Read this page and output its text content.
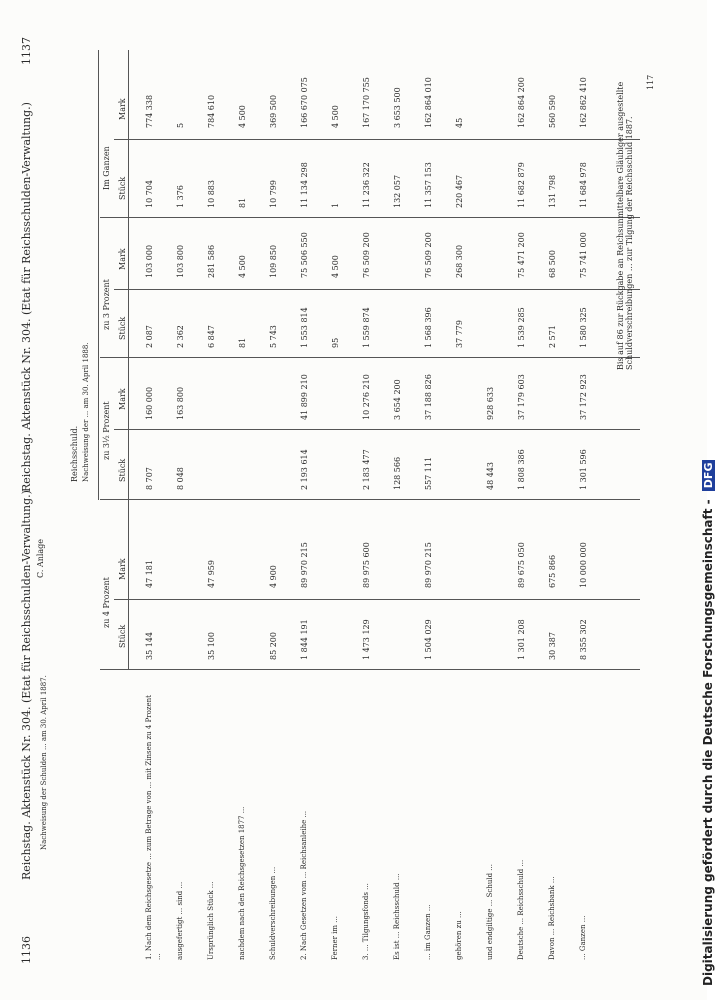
1136
Reichstag. Aktenstück Nr. 304. (Etat für Reichsschulden-Verwaltung.) C. Anlage
Nachweisung der Schulden ... am 30. April 1887.
Reichstag. Aktenstück Nr. 304. (Etat für Reichsschulden-Verwaltung.)
1137
Reichsschuld. Nachweisung der ... am 30. April 1888.
zu 4 Prozent
zu 3½ Prozent
zu 3 Prozent
Im Ganzen
Stück
Mark
Stück
Mark
Stück
Mark
Stück
Mark
1. Nach dem Reichsgesetze ... zum Betrage von ... mit Zinsen zu 4 Prozent ...
35 144
47 181
8 707
160 000
2 087
103 000
10 704
774 338
ausgefertigt ... sind ...
8 048
163 800
2 362
103 800
1 376
5
Ursprünglich Stück ...
35 100
47 959
6 847
281 586
10 883
784 610
nachdem nach den Reichsgesetzen 1877 ...
81
4 500
81
4 500
Schuldverschreibungen ...
85 200
4 900
5 743
109 850
10 799
369 500
2. Nach Gesetzen vom ... Reichsanleihe ...
1 844 191
89 970 215
2 193 614
41 899 210
1 553 814
75 506 550
11 134 298
166 670 075
Ferner im ...
95
4 500
1
4 500
3. ... Tilgungsfonds ...
1 473 129
89 975 600
2 183 477
10 276 210
1 559 874
76 509 200
11 236 322
167 170 755
Es ist ... Reichsschuld ...
128 566
3 654 200
132 057
3 653 500
... im Ganzen ...
1 504 029
89 970 215
557 111
37 188 826
1 568 396
76 509 200
11 357 153
162 864 010
gehören zu ...
37 779
268 300
220 467
45
und endgiltige ... Schuld ...
48 443
928 633
Deutsche ... Reichsschuld ...
1 301 208
89 675 050
1 808 386
37 179 603
1 539 285
75 471 200
11 682 879
162 864 200
Davon ... Reichsbank ...
30 387
675 866
2 571
68 500
131 798
560 590
... Ganzen ...
8 355 302
10 000 000
1 301 596
37 172 923
1 580 325
75 741 000
11 684 978
162 862 410	Bis auf 86 zur Rückgabe an Reichsunmittelbare Gläubiger ausgestellte Schuldverschreibungen ... zur Tilgung der Reichsschuld 1887.
117
Digitalisierung gefördert durch die Deutsche Forschungsgemeinschaft - DFG
